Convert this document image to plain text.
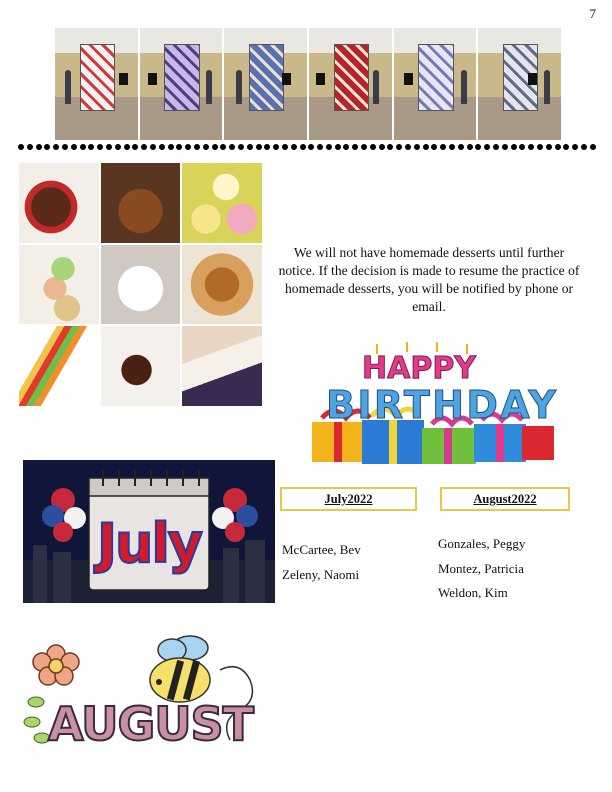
7
We will not have homemade desserts until further notice. If the decision is made to resume the practice of homemade desserts, you will be notified by phone or email.
HAPPY
BIRTHDAY
July
July2022	August2022
McCartee, Bev
Zeleny, Naomi
Gonzales, Peggy
Montez, Patricia
Weldon, Kim
AUGUST
